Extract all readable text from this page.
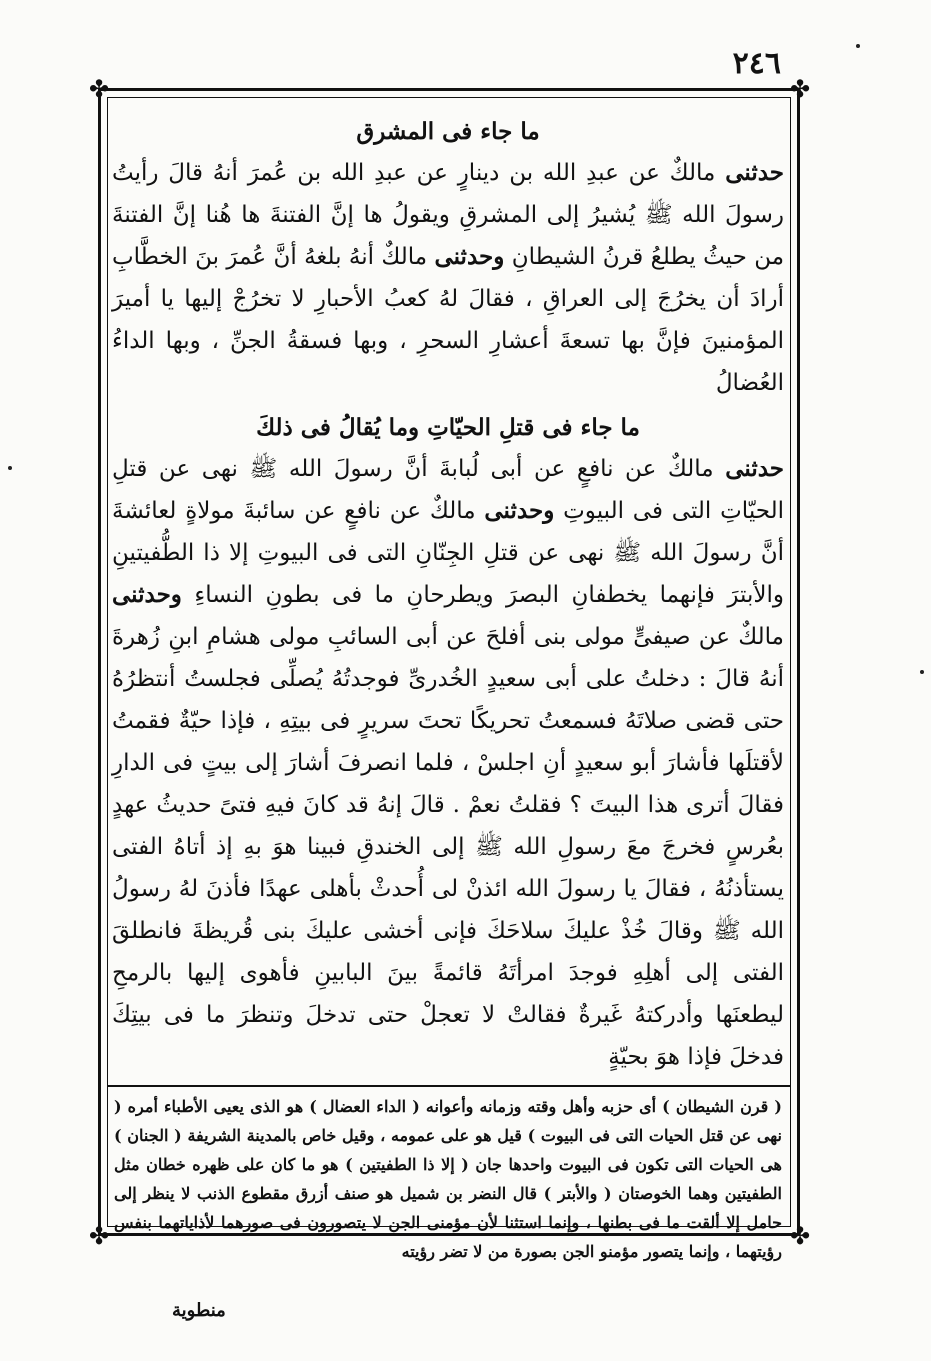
٢٤٦
✤	✤
✤	✤
ما جاء فى المشرق

حدثنى مالكٌ عن عبدِ الله بن دينارٍ عن عبدِ الله بن عُمرَ أنهُ قالَ رأيتُ رسولَ الله ﷺ يُشيرُ إلى المشرقِ ويقولُ ها إنَّ الفتنةَ ها هُنا إنَّ الفتنةَ من حيثُ يطلعُ قرنُ الشيطانِ وحدثنى مالكٌ أنهُ بلغهُ أنَّ عُمرَ بنَ الخطَّابِ أرادَ أن يخرُجَ إلى العراقِ ، فقالَ لهُ كعبُ الأحبارِ لا تخرُجْ إليها يا أميرَ المؤمنينَ فإنَّ بها تسعةَ أعشارِ السحرِ ، وبها فسقةُ الجنِّ ، وبها الداءُ العُضالُ

ما جاء فى قتلِ الحيّاتِ وما يُقالُ فى ذلكَ

حدثنى مالكٌ عن نافعٍ عن أبى لُبابةَ أنَّ رسولَ الله ﷺ نهى عن قتلِ الحيّاتِ التى فى البيوتِ وحدثنى مالكٌ عن نافعٍ عن سائبةَ مولاةٍ لعائشةَ أنَّ رسولَ الله ﷺ نهى عن قتلِ الجِنّانِ التى فى البيوتِ إلا ذا الطُّفيتينِ والأبترَ فإنهما يخطفانِ البصرَ ويطرحانِ ما فى بطونِ النساءِ وحدثنى مالكٌ عن صيفىٍّ مولى بنى أفلحَ عن أبى السائبِ مولى هشامِ ابنِ زُهرةَ أنهُ قالَ : دخلتُ على أبى سعيدٍ الخُدرىِّ فوجدتُهُ يُصلِّى فجلستُ أنتظرُهُ حتى قضى صلاتَهُ فسمعتُ تحريكًا تحتَ سريرٍ فى بيتِهِ ، فإذا حيّةٌ فقمتُ لأقتلَها فأشارَ أبو سعيدٍ أنِ اجلسْ ، فلما انصرفَ أشارَ إلى بيتٍ فى الدارِ فقالَ أترى هذا البيتَ ؟ فقلتُ نعمْ . قالَ إنهُ قد كانَ فيهِ فتىً حديثُ عهدٍ بعُرسٍ فخرجَ معَ رسولِ الله ﷺ إلى الخندقِ فبينا هوَ بهِ إذ أتاهُ الفتى يستأذنُهُ ، فقالَ يا رسولَ الله ائذنْ لى أُحدثْ بأهلى عهدًا فأذنَ لهُ رسولُ الله ﷺ وقالَ خُذْ عليكَ سلاحَكَ فإنى أخشى عليكَ بنى قُريظةَ فانطلقَ الفتى إلى أهلِهِ فوجدَ امرأتَهُ قائمةً بينَ البابينِ فأهوى إليها بالرمحِ ليطعنَها وأدركتهُ غَيرةٌ فقالتْ لا تعجلْ حتى تدخلَ وتنظرَ ما فى بيتِكَ فدخلَ فإذا هوَ بحيّةٍ

( قرن الشيطان ) أى حزبه وأهل وقته وزمانه وأعوانه ( الداء العضال ) هو الذى يعيى الأطباء أمره ( نهى عن قتل الحيات التى فى البيوت ) قيل هو على عمومه ، وقيل خاص بالمدينة الشريفة ( الجنان ) هى الحيات التى تكون فى البيوت واحدها جان ( إلا ذا الطفيتين ) هو ما كان على ظهره خطان مثل الطفيتين وهما الخوصتان ( والأبتر ) قال النضر بن شميل هو صنف أزرق مقطوع الذنب لا ينظر إلى حامل إلا ألقت ما فى بطنها ، وإنما استثنا لأن مؤمنى الجن لا يتصورون فى صورهما لأذاياتهما بنفس رؤيتهما ، وإنما يتصور مؤمنو الجن بصورة من لا تضر رؤيته

منطوية
